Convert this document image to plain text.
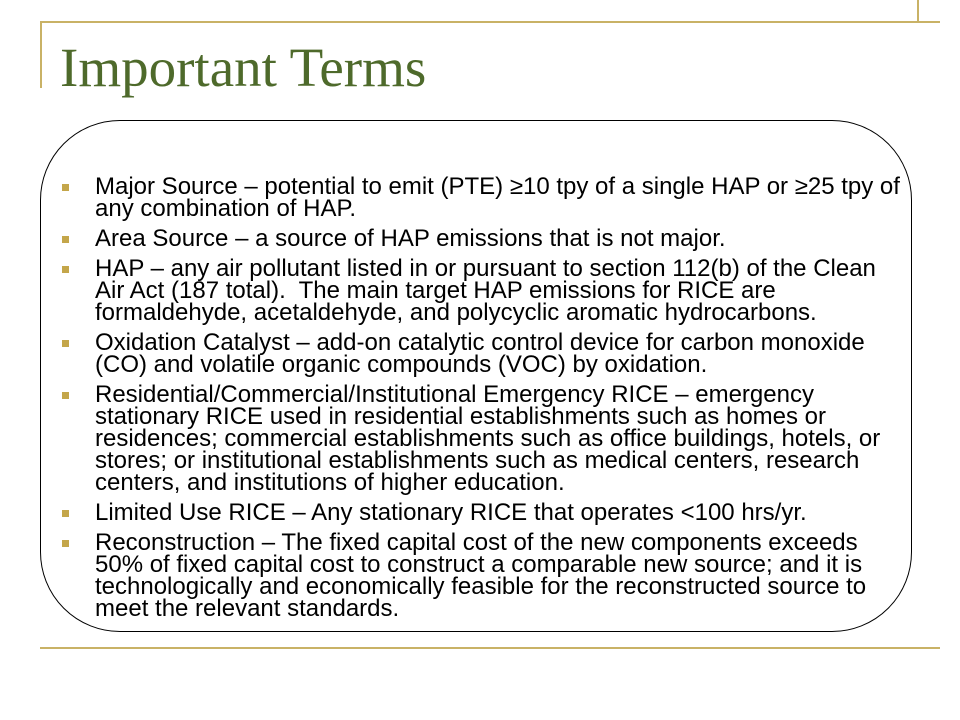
Important Terms
Major Source – potential to emit (PTE) ≥10 tpy of a single HAP or ≥25 tpy of
any combination of HAP.
Area Source – a source of HAP emissions that is not major.
HAP – any air pollutant listed in or pursuant to section 112(b) of the Clean
Air Act (187 total).  The main target HAP emissions for RICE are
formaldehyde, acetaldehyde, and polycyclic aromatic hydrocarbons.
Oxidation Catalyst – add-on catalytic control device for carbon monoxide
(CO) and volatile organic compounds (VOC) by oxidation.
Residential/Commercial/Institutional Emergency RICE – emergency
stationary RICE used in residential establishments such as homes or
residences; commercial establishments such as office buildings, hotels, or
stores; or institutional establishments such as medical centers, research
centers, and institutions of higher education.
Limited Use RICE – Any stationary RICE that operates <100 hrs/yr.
Reconstruction – The fixed capital cost of the new components exceeds
50% of fixed capital cost to construct a comparable new source; and it is
technologically and economically feasible for the reconstructed source to
meet the relevant standards.
